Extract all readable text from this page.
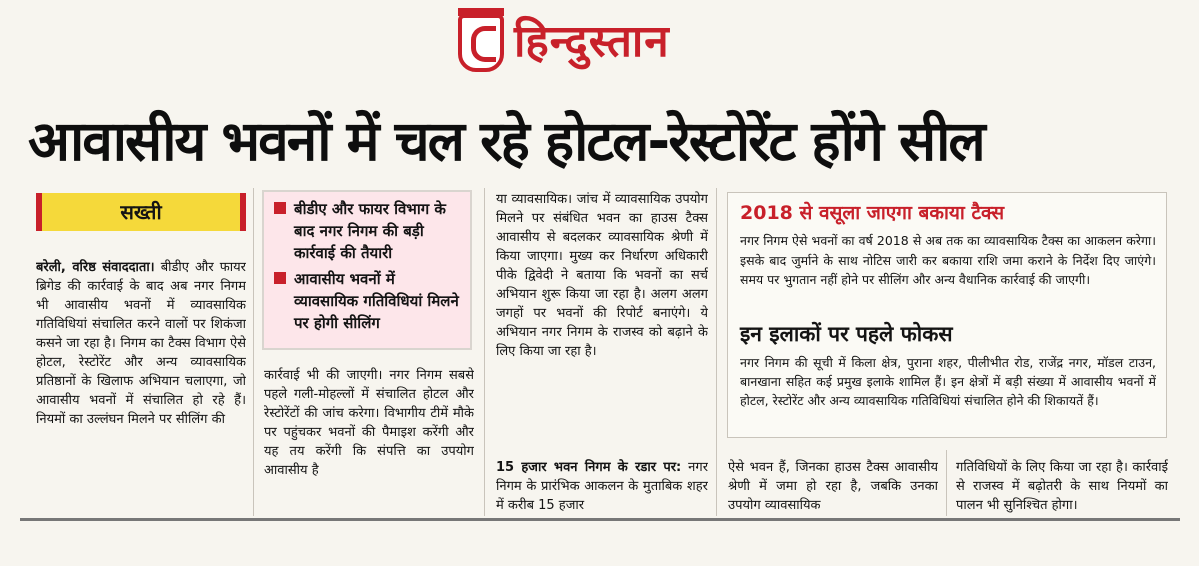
हिन्दुस्तान
आवासीय भवनों में चल रहे होटल-रेस्टोरेंट होंगे सील
सख्ती

बरेली, वरिष्ठ संवाददाता। बीडीए और फायर ब्रिगेड की कार्रवाई के बाद अब नगर निगम भी आवासीय भवनों में व्यावसायिक गतिविधियां संचालित करने वालों पर शिकंजा कसने जा रहा है। निगम का टैक्स विभाग ऐसे होटल, रेस्टोरेंट और अन्य व्यावसायिक प्रतिष्ठानों के खिलाफ अभियान चलाएगा, जो आवासीय भवनों में संचालित हो रहे हैं। नियमों का उल्लंघन मिलने पर सीलिंग की

बीडीए और फायर विभाग के बाद नगर निगम की बड़ी कार्रवाई की तैयारी
आवासीय भवनों में व्यावसायिक गतिविधियां मिलने पर होगी सीलिंग

कार्रवाई भी की जाएगी। नगर निगम सबसे पहले गली-मोहल्लों में संचालित होटल और रेस्टोरेंटों की जांच करेगा। विभागीय टीमें मौके पर पहुंचकर भवनों की पैमाइश करेंगी और यह तय करेंगी कि संपत्ति का उपयोग आवासीय है

या व्यावसायिक। जांच में व्यावसायिक उपयोग मिलने पर संबंधित भवन का हाउस टैक्स आवासीय से बदलकर व्यावसायिक श्रेणी में किया जाएगा। मुख्य कर निर्धारण अधिकारी पीके द्विवेदी ने बताया कि भवनों का सर्च अभियान शुरू किया जा रहा है। अलग अलग जगहों पर भवनों की रिपोर्ट बनाएंगे। ये अभियान नगर निगम के राजस्व को बढ़ाने के लिए किया जा रहा है।

15 हजार भवन निगम के रडार पर: नगर निगम के प्रारंभिक आकलन के मुताबिक शहर में करीब 15 हजार

2018 से वसूला जाएगा बकाया टैक्स
नगर निगम ऐसे भवनों का वर्ष 2018 से अब तक का व्यावसायिक टैक्स का आकलन करेगा। इसके बाद जुर्माने के साथ नोटिस जारी कर बकाया राशि जमा कराने के निर्देश दिए जाएंगे। समय पर भुगतान नहीं होने पर सीलिंग और अन्य वैधानिक कार्रवाई की जाएगी।
इन इलाकों पर पहले फोकस
नगर निगम की सूची में किला क्षेत्र, पुराना शहर, पीलीभीत रोड, राजेंद्र नगर, मॉडल टाउन, बानखाना सहित कई प्रमुख इलाके शामिल हैं। इन क्षेत्रों में बड़ी संख्या में आवासीय भवनों में होटल, रेस्टोरेंट और अन्य व्यावसायिक गतिविधियां संचालित होने की शिकायतें हैं।

ऐसे भवन हैं, जिनका हाउस टैक्स आवासीय श्रेणी में जमा हो रहा है, जबकि उनका उपयोग व्यावसायिक

गतिविधियों के लिए किया जा रहा है। कार्रवाई से राजस्व में बढ़ोतरी के साथ नियमों का पालन भी सुनिश्चित होगा।
